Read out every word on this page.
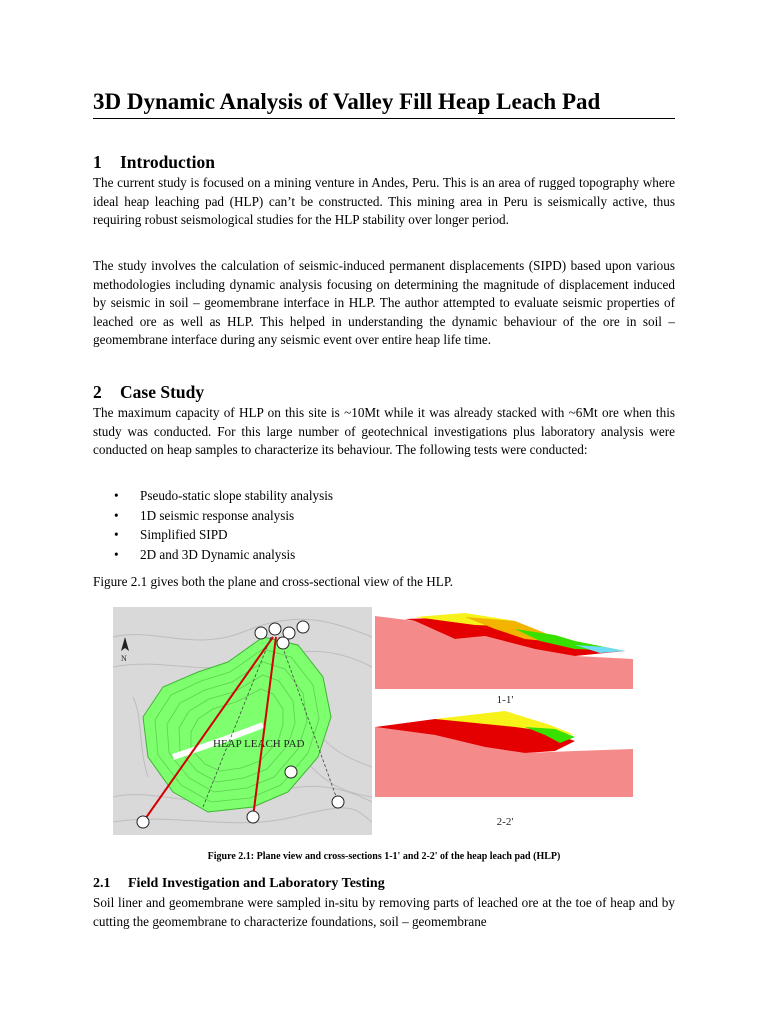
3D Dynamic Analysis of Valley Fill Heap Leach Pad
1 Introduction

The current study is focused on a mining venture in Andes, Peru. This is an area of rugged topography where ideal heap leaching pad (HLP) can’t be constructed. This mining area in Peru is seismically active, thus requiring robust seismological studies for the HLP stability over longer period.

The study involves the calculation of seismic-induced permanent displacements (SIPD) based upon various methodologies including dynamic analysis focusing on determining the magnitude of displacement induced by seismic in soil – geomembrane interface in HLP. The author attempted to evaluate seismic properties of leached ore as well as HLP. This helped in understanding the dynamic behaviour of the ore in soil – geomembrane interface during any seismic event over entire heap life time.

2 Case Study

The maximum capacity of HLP on this site is ~10Mt while it was already stacked with ~6Mt ore when this study was conducted. For this large number of geotechnical investigations plus laboratory analysis were conducted on heap samples to characterize its behaviour. The following tests were conducted:

• Pseudo-static slope stability analysis
• 1D seismic response analysis
• Simplified SIPD
• 2D and 3D Dynamic analysis

Figure 2.1 gives both the plane and cross-sectional view of the HLP.

HEAP LEACH PAD
N
1-1'
2-2'
Figure 2.1: Plane view and cross-sections 1-1' and 2-2' of the heap leach pad (HLP)
2.1 Field Investigation and Laboratory Testing

Soil liner and geomembrane were sampled in-situ by removing parts of leached ore at the toe of heap and by cutting the geomembrane to characterize foundations, soil – geomembrane
